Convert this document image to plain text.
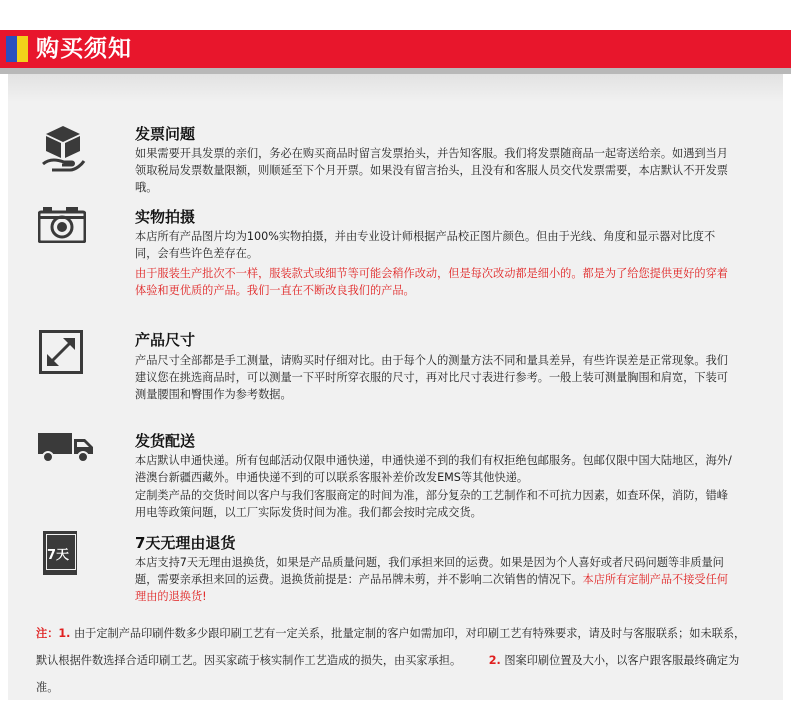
购买须知
发票问题

如果需要开具发票的亲们，务必在购买商品时留言发票抬头，并告知客服。我们将发票随商品一起寄送给亲。如遇到当月领取税局发票数量限额，则顺延至下个月开票。如果没有留言抬头，且没有和客服人员交代发票需要，本店默认不开发票哦。

实物拍摄

本店所有产品图片均为100%实物拍摄，并由专业设计师根据产品校正图片颜色。但由于光线、角度和显示器对比度不同，会有些许色差存在。

由于服装生产批次不一样，服装款式或细节等可能会稍作改动，但是每次改动都是细小的。都是为了给您提供更好的穿着体验和更优质的产品。我们一直在不断改良我们的产品。

产品尺寸

产品尺寸全部都是手工测量，请购买时仔细对比。由于每个人的测量方法不同和量具差异，有些许误差是正常现象。我们建议您在挑选商品时，可以测量一下平时所穿衣服的尺寸，再对比尺寸表进行参考。一般上装可测量胸围和肩宽，下装可测量腰围和臀围作为参考数据。

发货配送

本店默认申通快递。所有包邮活动仅限申通快递，申通快递不到的我们有权拒绝包邮服务。包邮仅限中国大陆地区，海外/港澳台新疆西藏外。申通快递不到的可以联系客服补差价改发EMS等其他快递。

定制类产品的交货时间以客户与我们客服商定的时间为准，部分复杂的工艺制作和不可抗力因素，如查环保，消防，错峰用电等政策问题，以工厂实际发货时间为准。我们都会按时完成交货。

7天
7天无理由退货

本店支持7天无理由退换货，如果是产品质量问题，我们承担来回的运费。如果是因为个人喜好或者尺码问题等非质量问题，需要亲承担来回的运费。退换货前提是：产品吊牌未剪，并不影响二次销售的情况下。本店所有定制产品不接受任何理由的退换货!

注：1. 由于定制产品印刷件数多少跟印刷工艺有一定关系，批量定制的客户如需加印，对印刷工艺有特殊要求，请及时与客服联系；如未联系，默认根据件数选择合适印刷工艺。因买家疏于核实制作工艺造成的损失，由买家承担。 2. 图案印刷位置及大小，以客户跟客服最终确定为准。
